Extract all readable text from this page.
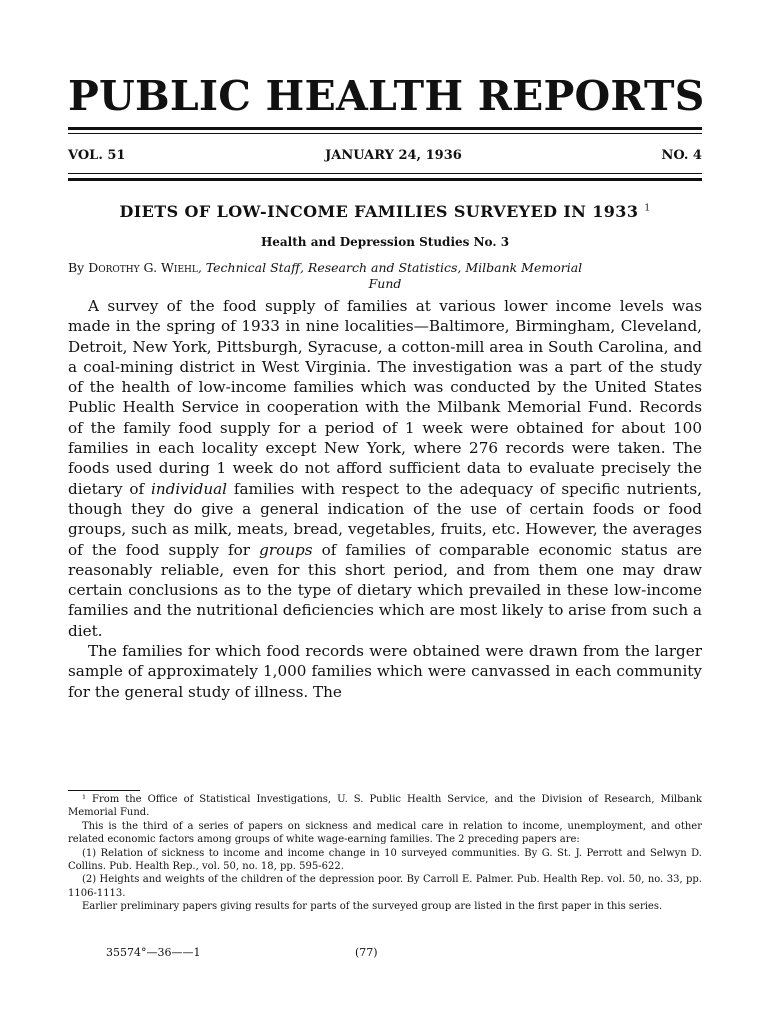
PUBLIC HEALTH REPORTS
VOL. 51	JANUARY 24, 1936	NO. 4
DIETS OF LOW-INCOME FAMILIES SURVEYED IN 1933 $^1$
Health and Depression Studies No. 3
By Dorothy G. Wiehl, Technical Staff, Research and Statistics, Milbank Memorial
Fund

A survey of the food supply of families at various lower income levels was made in the spring of 1933 in nine localities—Baltimore, Birmingham, Cleveland, Detroit, New York, Pittsburgh, Syracuse, a cotton-mill area in South Carolina, and a coal-mining district in West Virginia. The investigation was a part of the study of the health of low-income families which was conducted by the United States Public Health Service in cooperation with the Milbank Memorial Fund. Records of the family food supply for a period of 1 week were obtained for about 100 families in each locality except New York, where 276 records were taken. The foods used during 1 week do not afford sufficient data to evaluate precisely the dietary of individual families with respect to the adequacy of specific nutrients, though they do give a general indication of the use of certain foods or food groups, such as milk, meats, bread, vegetables, fruits, etc. However, the averages of the food supply for groups of families of comparable economic status are reasonably reliable, even for this short period, and from them one may draw certain conclusions as to the type of dietary which prevailed in these low-income families and the nutritional deficiencies which are most likely to arise from such a diet.

The families for which food records were obtained were drawn from the larger sample of approximately 1,000 families which were canvassed in each community for the general study of illness. The

¹ From the Office of Statistical Investigations, U. S. Public Health Service, and the Division of Research, Milbank Memorial Fund.

This is the third of a series of papers on sickness and medical care in relation to income, unemployment, and other related economic factors among groups of white wage-earning families. The 2 preceding papers are:

(1) Relation of sickness to income and income change in 10 surveyed communities. By G. St. J. Perrott and Selwyn D. Collins. Pub. Health Rep., vol. 50, no. 18, pp. 595-622.

(2) Heights and weights of the children of the depression poor. By Carroll E. Palmer. Pub. Health Rep. vol. 50, no. 33, pp. 1106-1113.

Earlier preliminary papers giving results for parts of the surveyed group are listed in the first paper in this series.

35574°—36——1	(77)
